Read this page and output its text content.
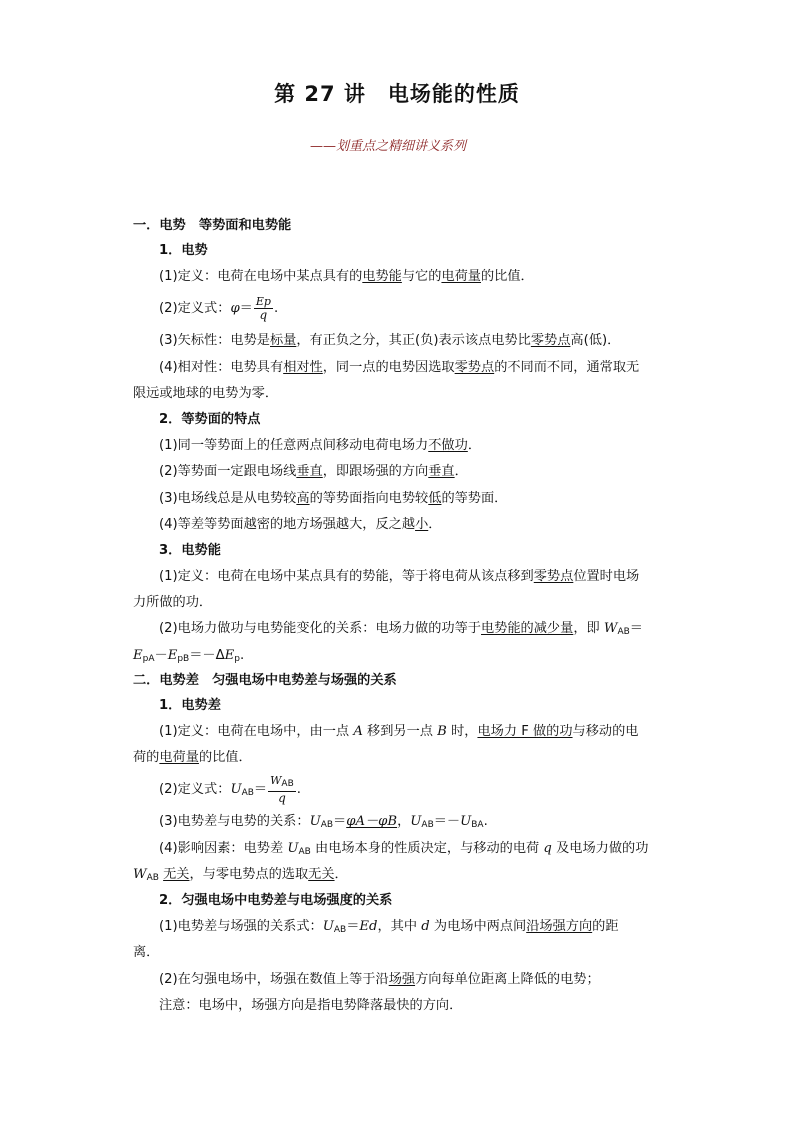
第 27 讲　电场能的性质
——划重点之精细讲义系列
一．电势　等势面和电势能
1．电势
(1)定义：电荷在电场中某点具有的电势能与它的电荷量的比值．
(2)定义式：$\varphi= \frac{Ep}{q}$ .
(3)矢标性：电势是标量，有正负之分，其正(负)表示该点电势比零势点高(低)．
(4)相对性：电势具有相对性，同一点的电势因选取零势点的不同而不同，通常取无
限远或地球的电势为零．
2．等势面的特点
(1)同一等势面上的任意两点间移动电荷电场力不做功．
(2)等势面一定跟电场线垂直，即跟场强的方向垂直．
(3)电场线总是从电势较高的等势面指向电势较低的等势面．
(4)等差等势面越密的地方场强越大，反之越小．
3．电势能
(1)定义：电荷在电场中某点具有的势能，等于将电荷从该点移到零势点位置时电场
力所做的功．
(2)电场力做功与电势能变化的关系：电场力做的功等于电势能的减少量，即 $W_{AB}=$
$E_{pA}-E_{pB}=-\Delta E_p$.
二．电势差　匀强电场中电势差与场强的关系
1．电势差
(1)定义：电荷在电场中，由一点 A 移到另一点 B 时，电场力 F 做的功与移动的电
荷的电荷量的比值．
(2)定义式：$U_{AB}= \frac{W_{AB}}{q}$ .
(3)电势差与电势的关系：$U_{AB}=\varphi A-\varphi B$，$U_{AB}=-U_{BA}$.
(4)影响因素：电势差 $U_{AB}$ 由电场本身的性质决定，与移动的电荷 q 及电场力做的功
$W_{AB}$ 无关，与零电势点的选取无关．
2．匀强电场中电势差与电场强度的关系
(1)电势差与场强的关系式：$U_{AB}=Ed$，其中 d 为电场中两点间沿场强方向的距
离．
(2)在匀强电场中，场强在数值上等于沿场强方向每单位距离上降低的电势；
注意：电场中，场强方向是指电势降落最快的方向．
